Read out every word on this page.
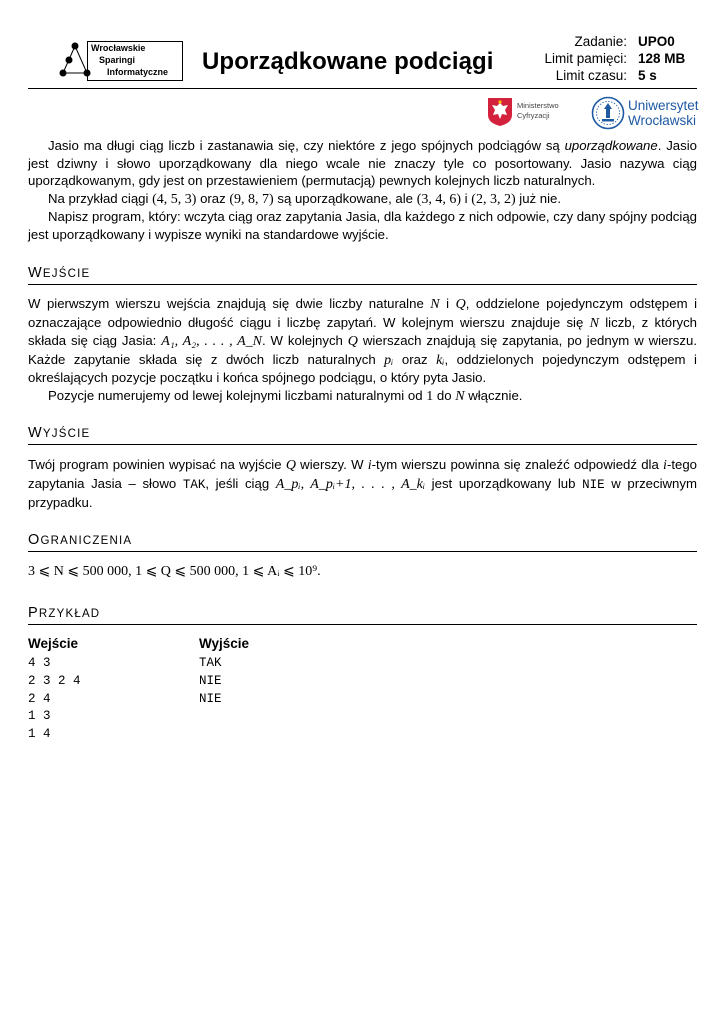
Wrocławskie
Sparingi
Informatyczne Uporządkowane podciągi
Zadanie: UPO0
Limit pamięci: 128 MB
Limit czasu: 5 s
Ministerstwo
Cyfryzacji
Uniwersytet
Wrocławski

Jasio ma długi ciąg liczb i zastanawia się, czy niektóre z jego spójnych podciągów są uporządkowane. Jasio jest dziwny i słowo uporządkowany dla niego wcale nie znaczy tyle co posortowany. Jasio nazywa ciąg uporządkowanym, gdy jest on przestawieniem (permutacją) pewnych kolejnych liczb naturalnych.

Na przykład ciągi (4, 5, 3) oraz (9, 8, 7) są uporządkowane, ale (3, 4, 6) i (2, 3, 2) już nie.

Napisz program, który: wczyta ciąg oraz zapytania Jasia, dla każdego z nich odpowie, czy dany spójny podciąg jest uporządkowany i wypisze wyniki na standardowe wyjście.

WEJŚCIE

W pierwszym wierszu wejścia znajdują się dwie liczby naturalne N i Q, oddzielone pojedynczym odstępem i oznaczające odpowiednio długość ciągu i liczbę zapytań. W kolejnym wierszu znajduje się N liczb, z których składa się ciąg Jasia: A₁, A₂, . . . , A_N. W kolejnych Q wierszach znajdują się zapytania, po jednym w wierszu. Każde zapytanie składa się z dwóch liczb naturalnych pᵢ oraz kᵢ, oddzielonych pojedynczym odstępem i określających pozycje początku i końca spójnego podciągu, o który pyta Jasio.

Pozycje numerujemy od lewej kolejnymi liczbami naturalnymi od 1 do N włącznie.

WYJŚCIE

Twój program powinien wypisać na wyjście Q wierszy. W i-tym wierszu powinna się znaleźć odpowiedź dla i-tego zapytania Jasia – słowo TAK, jeśli ciąg A_pᵢ, A_pᵢ+1, . . . , A_kᵢ jest uporządkowany lub NIE w przeciwnym przypadku.

OGRANICZENIA

3 ⩽ N ⩽ 500 000, 1 ⩽ Q ⩽ 500 000, 1 ⩽ Aᵢ ⩽ 10⁹.

PRZYKŁAD
Wejście	Wyjście
4 3
2 3 2 4
2 4
1 3
1 4
TAK
NIE
NIE
